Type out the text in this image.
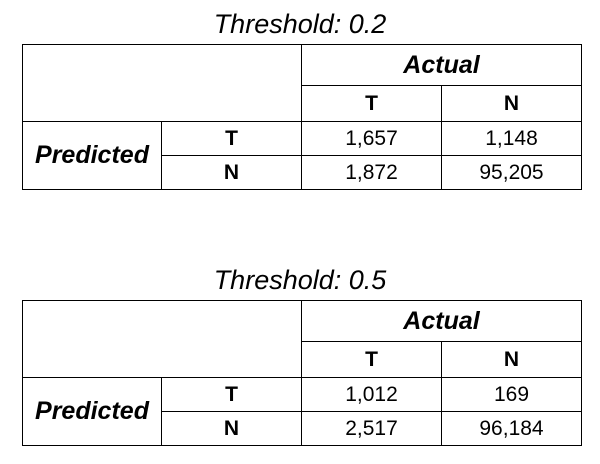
Threshold: 0.2
		Actual	
		T	N
Predicted	T	1,657	1,148
	N	1,872	95,205
Threshold: 0.5
		Actual	
		T	N
Predicted	T	1,012	169
	N	2,517	96,184
